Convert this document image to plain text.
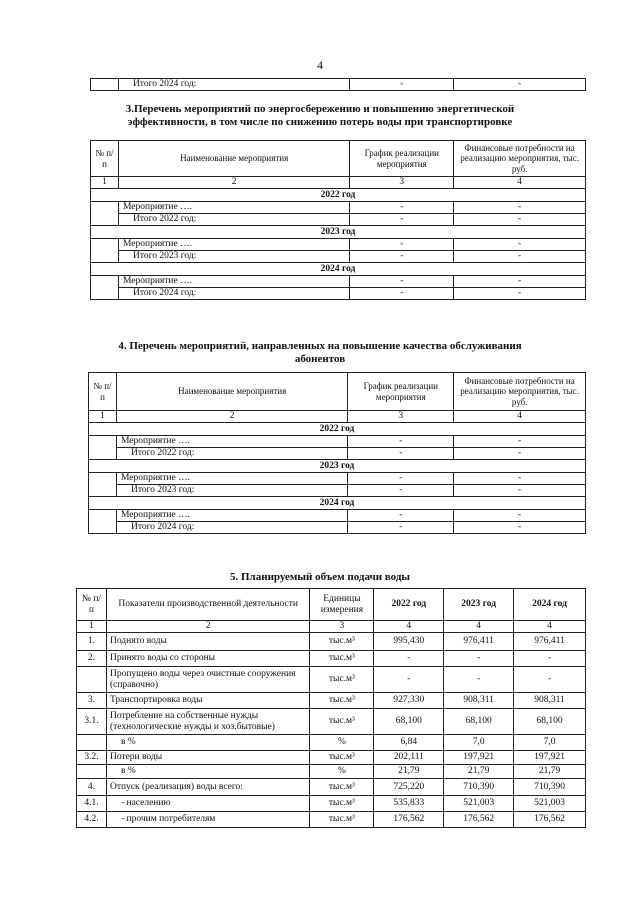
4
	Итого 2024 год:	-	-
3.Перечень мероприятий по энергосбережению и повышению энергетической
эффективности, в том числе по снижению потерь воды при транспортировке
№ п/п	Наименование мероприятия	График реализации мероприятия	Финансовые потребности на реализацию мероприятия, тыс. руб.
1	2	3	4
2022 год			
	Мероприятие ….	-	-
	Итого 2022 год:	-	-
2023 год			
	Мероприятие ….	-	-
	Итого 2023 год:	-	-
2024 год			
	Мероприятие ….	-	-
	Итого 2024 год:	-	-
4. Перечень мероприятий, направленных на повышение качества обслуживания
абонентов
№ п/п	Наименование мероприятия	График реализации мероприятия	Финансовые потребности на реализацию мероприятия, тыс. руб.
1	2	3	4
2022 год			
	Мероприятие ….	-	-
	Итого 2022 год:	-	-
2023 год			
	Мероприятие ….	-	-
	Итого 2023 год:	-	-
2024 год			
	Мероприятие ….	-	-
	Итого 2024 год:	-	-
5. Планируемый объем подачи воды
№ п/п	Показатели производственной деятельности	Единицы измерения	2022 год	2023 год	2024 год
1	2	3	4	4	4
1.	Поднято воды	тыс.м³	995,430	976,411	976,411
2.	Принято воды со стороны	тыс.м³	-	-	-
	Пропущено воды через очистные сооружения (справочно)	тыс.м³	-	-	-
3.	Транспортировка воды	тыс.м³	927,330	908,311	908,311
3.1.	Потребление на собственные нужды (технологические нужды и хоз.бытовые)	тыс.м³	68,100	68,100	68,100
	в %	%	6,84	7,0	7,0
3.2.	Потери воды	тыс.м³	202,111	197,921	197,921
	в %	%	21,79	21,79	21,79
4.	Отпуск (реализация) воды всего:	тыс.м³	725,220	710,390	710,390
4.1.	- населению	тыс.м³	535,833	521,003	521,003
4.2.	- прочим потребителям	тыс.м³	176,562	176,562	176,562
